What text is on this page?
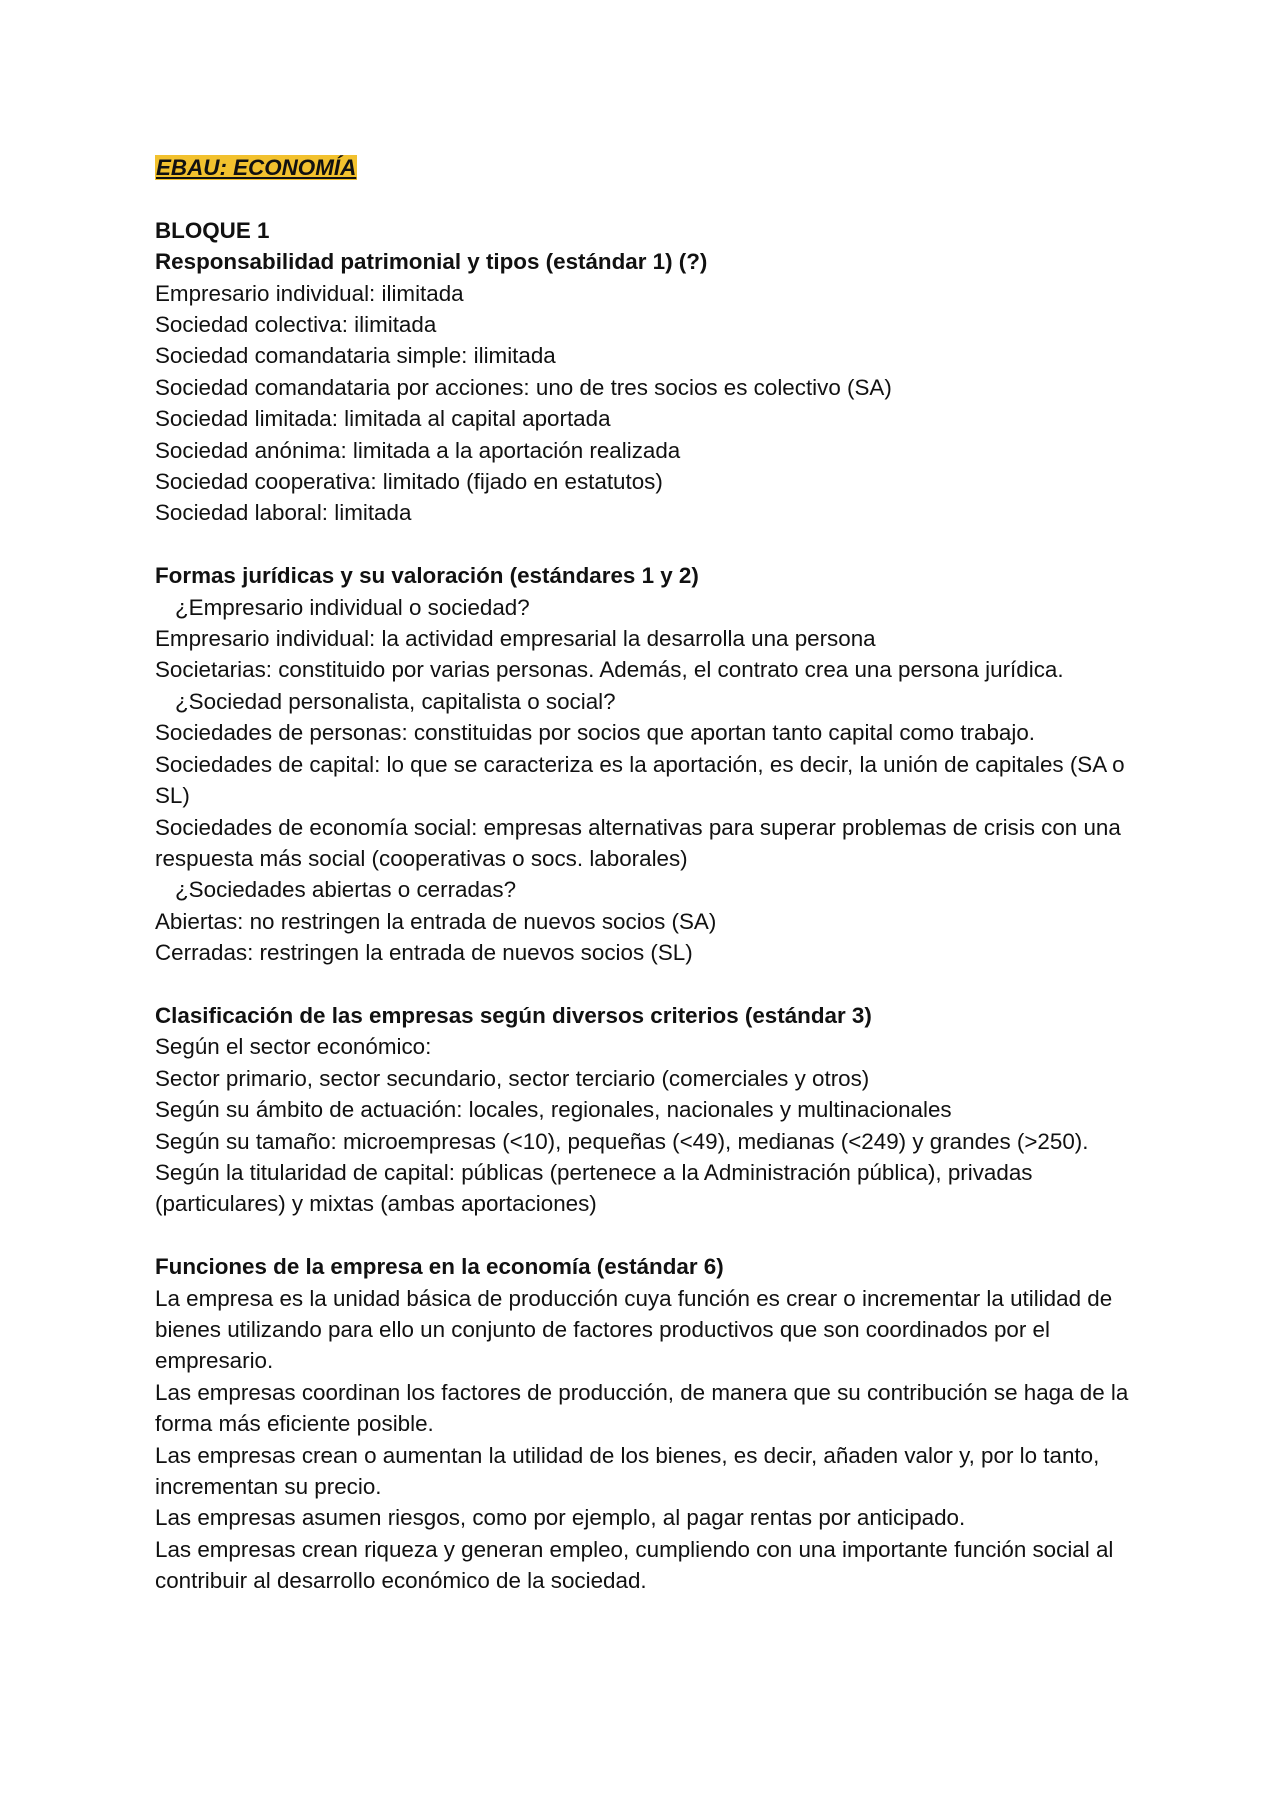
EBAU: ECONOMÍA

BLOQUE 1

Responsabilidad patrimonial y tipos (estándar 1) (?)

Empresario individual: ilimitada

Sociedad colectiva: ilimitada

Sociedad comandataria simple: ilimitada

Sociedad comandataria por acciones: uno de tres socios es colectivo (SA)

Sociedad limitada: limitada al capital aportada

Sociedad anónima: limitada a la aportación realizada

Sociedad cooperativa: limitado (fijado en estatutos)

Sociedad laboral: limitada

Formas jurídicas y su valoración (estándares 1 y 2)

¿Empresario individual o sociedad?

Empresario individual: la actividad empresarial la desarrolla una persona

Societarias: constituido por varias personas. Además, el contrato crea una persona jurídica.

¿Sociedad personalista, capitalista o social?

Sociedades de personas: constituidas por socios que aportan tanto capital como trabajo.

Sociedades de capital: lo que se caracteriza es la aportación, es decir, la unión de capitales (SA o SL)

Sociedades de economía social: empresas alternativas para superar problemas de crisis con una respuesta más social (cooperativas o socs. laborales)

¿Sociedades abiertas o cerradas?

Abiertas: no restringen la entrada de nuevos socios (SA)

Cerradas: restringen la entrada de nuevos socios (SL)

Clasificación de las empresas según diversos criterios (estándar 3)

Según el sector económico:

Sector primario, sector secundario, sector terciario (comerciales y otros)

Según su ámbito de actuación: locales, regionales, nacionales y multinacionales

Según su tamaño: microempresas (<10), pequeñas (<49), medianas (<249) y grandes (>250).

Según la titularidad de capital: públicas (pertenece a la Administración pública), privadas (particulares) y mixtas (ambas aportaciones)

Funciones de la empresa en la economía (estándar 6)

La empresa es la unidad básica de producción cuya función es crear o incrementar la utilidad de bienes utilizando para ello un conjunto de factores productivos que son coordinados por el empresario.

Las empresas coordinan los factores de producción, de manera que su contribución se haga de la forma más eficiente posible.

Las empresas crean o aumentan la utilidad de los bienes, es decir, añaden valor y, por lo tanto, incrementan su precio.

Las empresas asumen riesgos, como por ejemplo, al pagar rentas por anticipado.

Las empresas crean riqueza y generan empleo, cumpliendo con una importante función social al contribuir al desarrollo económico de la sociedad.
